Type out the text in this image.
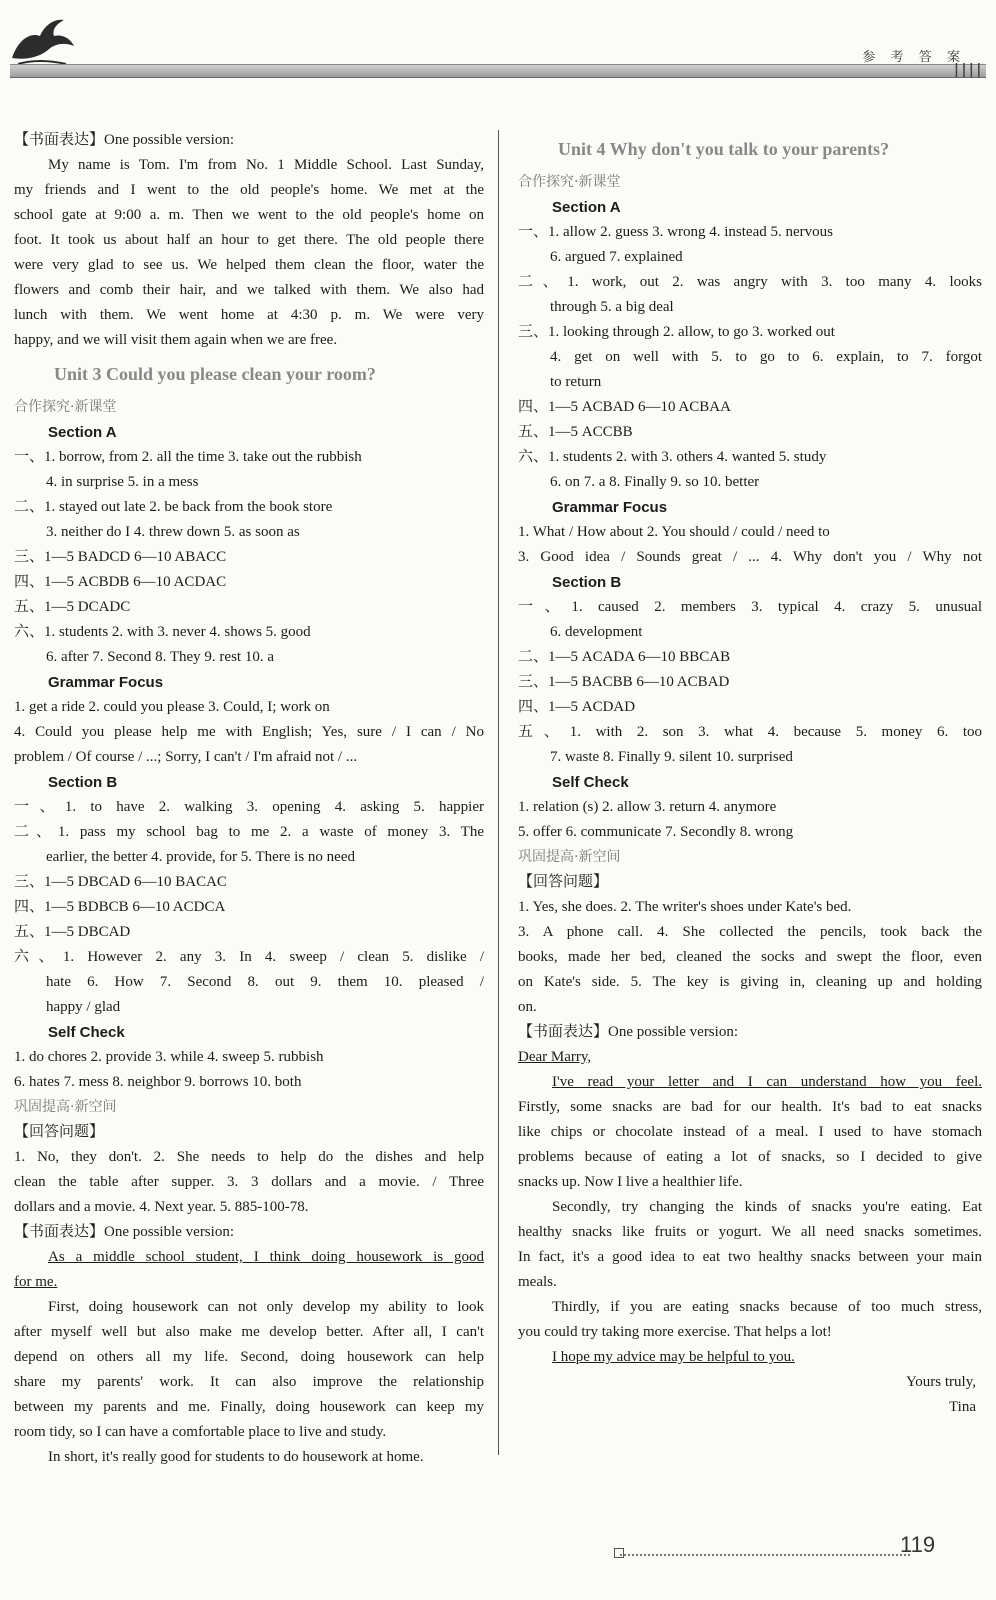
参 考 答 案
||||
【书面表达】One possible version:
My name is Tom. I'm from No. 1 Middle School. Last Sunday,
my friends and I went to the old people's home. We met at the
school gate at 9:00 a. m. Then we went to the old people's home on
foot. It took us about half an hour to get there. The old people there
were very glad to see us. We helped them clean the floor, water the
flowers and comb their hair, and we talked with them. We also had
lunch with them. We went home at 4:30 p. m. We were very
happy, and we will visit them again when we are free.
Unit 3 Could you please clean your room?
合作探究·新课堂
Section A
一、1. borrow, from 2. all the time 3. take out the rubbish
4. in surprise 5. in a mess
二、1. stayed out late 2. be back from the book store
3. neither do I 4. threw down 5. as soon as
三、1—5 BADCD 6—10 ABACC
四、1—5 ACBDB 6—10 ACDAC
五、1—5 DCADC
六、1. students 2. with 3. never 4. shows 5. good
6. after 7. Second 8. They 9. rest 10. a
Grammar Focus
1. get a ride 2. could you please 3. Could, I; work on
4. Could you please help me with English; Yes, sure / I can / No
problem / Of course / ...; Sorry, I can't / I'm afraid not / ...
Section B
一、1. to have 2. walking 3. opening 4. asking 5. happier
二、1. pass my school bag to me 2. a waste of money 3. The
earlier, the better 4. provide, for 5. There is no need
三、1—5 DBCAD 6—10 BACAC
四、1—5 BDBCB 6—10 ACDCA
五、1—5 DBCAD
六、1. However 2. any 3. In 4. sweep / clean 5. dislike /
hate 6. How 7. Second 8. out 9. them 10. pleased /
happy / glad
Self Check
1. do chores 2. provide 3. while 4. sweep 5. rubbish
6. hates 7. mess 8. neighbor 9. borrows 10. both
巩固提高·新空间
【回答问题】
1. No, they don't. 2. She needs to help do the dishes and help
clean the table after supper. 3. 3 dollars and a movie. / Three
dollars and a movie. 4. Next year. 5. 885-100-78.
【书面表达】One possible version:
As a middle school student, I think doing housework is good
for me.
First, doing housework can not only develop my ability to look
after myself well but also make me develop better. After all, I can't
depend on others all my life. Second, doing housework can help
share my parents' work. It can also improve the relationship
between my parents and me. Finally, doing housework can keep my
room tidy, so I can have a comfortable place to live and study.
In short, it's really good for students to do housework at home.
Unit 4 Why don't you talk to your parents?
合作探究·新课堂
Section A
一、1. allow 2. guess 3. wrong 4. instead 5. nervous
6. argued 7. explained
二、1. work, out 2. was angry with 3. too many 4. looks
through 5. a big deal
三、1. looking through 2. allow, to go 3. worked out
4. get on well with 5. to go to 6. explain, to 7. forgot
to return
四、1—5 ACBAD 6—10 ACBAA
五、1—5 ACCBB
六、1. students 2. with 3. others 4. wanted 5. study
6. on 7. a 8. Finally 9. so 10. better
Grammar Focus
1. What / How about 2. You should / could / need to
3. Good idea / Sounds great / ... 4. Why don't you / Why not
Section B
一、1. caused 2. members 3. typical 4. crazy 5. unusual
6. development
二、1—5 ACADA 6—10 BBCAB
三、1—5 BACBB 6—10 ACBAD
四、1—5 ACDAD
五、1. with 2. son 3. what 4. because 5. money 6. too
7. waste 8. Finally 9. silent 10. surprised
Self Check
1. relation (s) 2. allow 3. return 4. anymore
5. offer 6. communicate 7. Secondly 8. wrong
巩固提高·新空间
【回答问题】
1. Yes, she does. 2. The writer's shoes under Kate's bed.
3. A phone call. 4. She collected the pencils, took back the
books, made her bed, cleaned the socks and swept the floor, even
on Kate's side. 5. The key is giving in, cleaning up and holding
on.
【书面表达】One possible version:
Dear Marry,
I've read your letter and I can understand how you feel.
Firstly, some snacks are bad for our health. It's bad to eat snacks
like chips or chocolate instead of a meal. I used to have stomach
problems because of eating a lot of snacks, so I decided to give
snacks up. Now I live a healthier life.
Secondly, try changing the kinds of snacks you're eating. Eat
healthy snacks like fruits or yogurt. We all need snacks sometimes.
In fact, it's a good idea to eat two healthy snacks between your main
meals.
Thirdly, if you are eating snacks because of too much stress,
you could try taking more exercise. That helps a lot!
I hope my advice may be helpful to you.
Yours truly,
Tina
119
